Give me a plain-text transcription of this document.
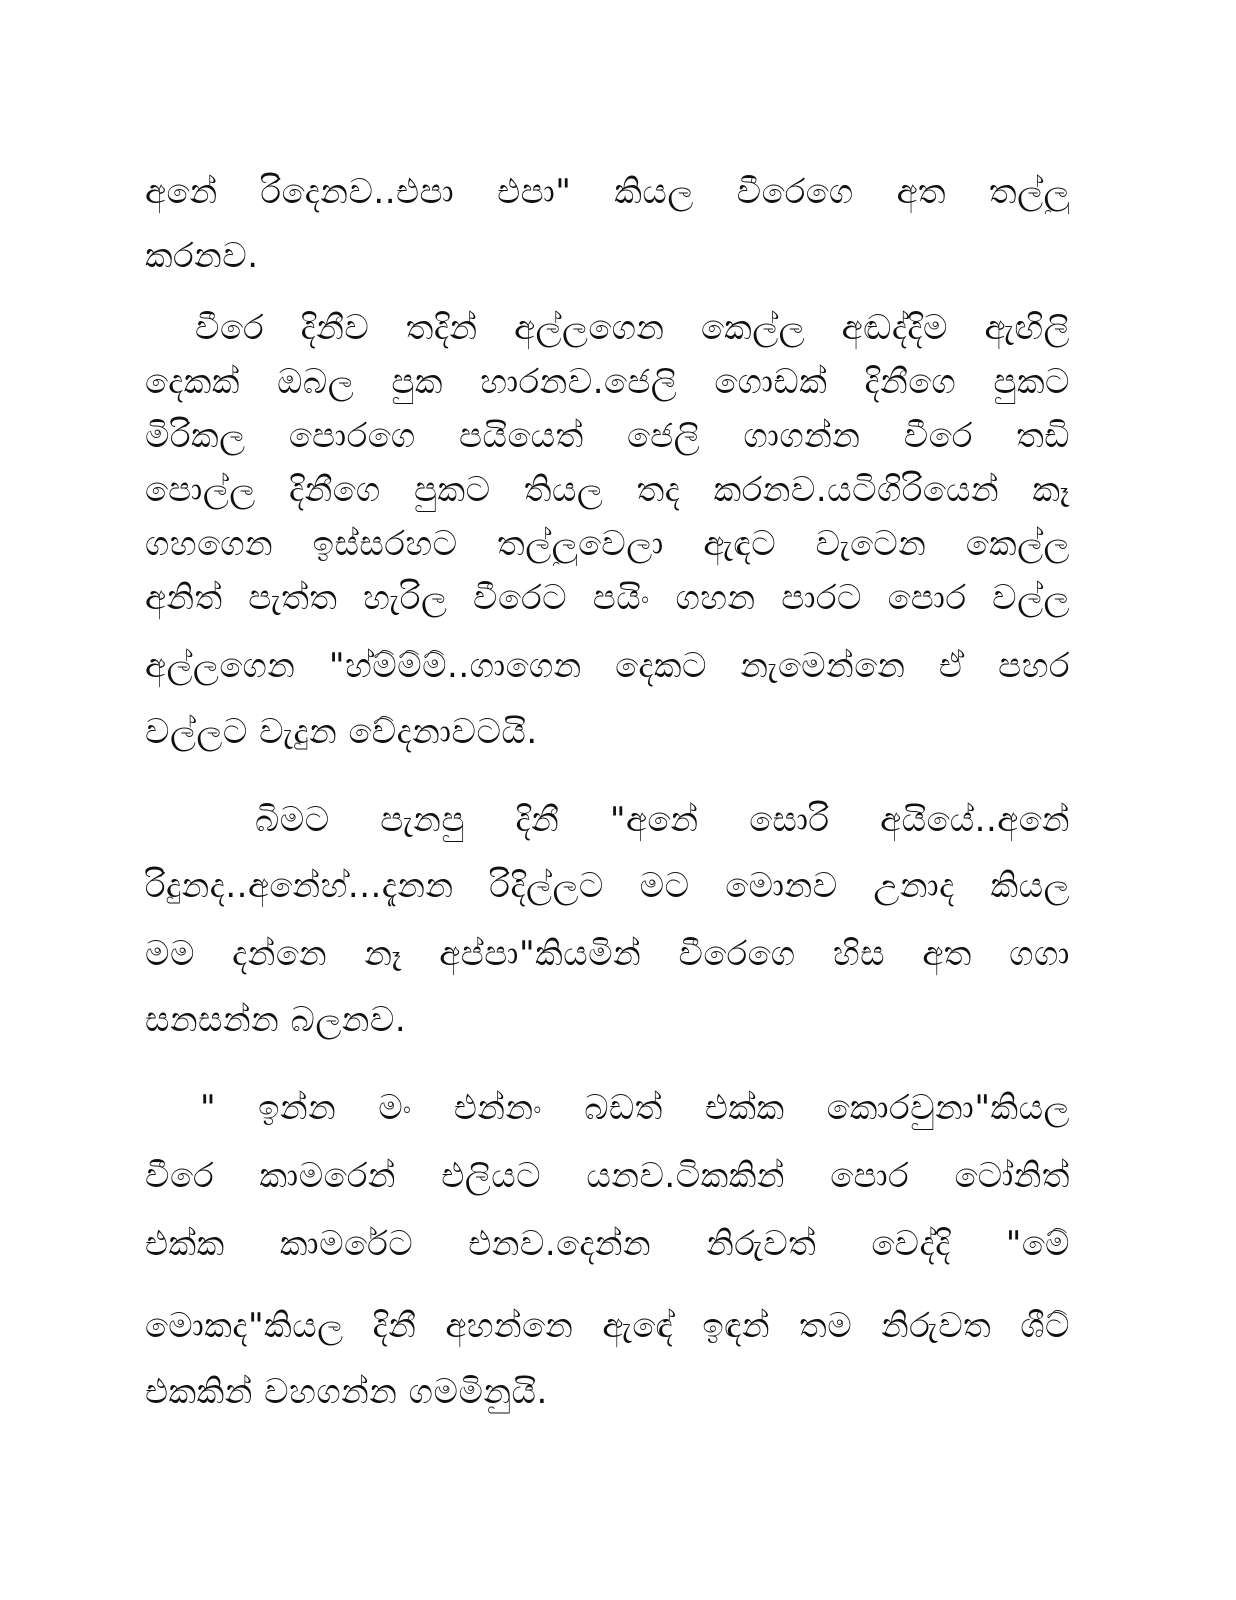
අනේ රිදෙනව..එපා එපා" කියල වීරෙගෙ අත තල්ලු
කරනව.
වීරෙ දිනීව තදින් අල්ලගෙන කෙල්ල අඬද්දිම ඇඟිලි
දෙකක් ඔබල පුක හාරනව.ජෙලි ගොඩක් දිනීගෙ පුකට
මිරිකල පොරගෙ පයියෙත් ජෙලි ගාගන්න වීරෙ තඩි
පොල්ල දිනීගෙ පුකට තියල තද කරනව.යටිගිරියෙන් කෑ
ගහගෙන ඉස්සරහට තල්ලුවෙලා ඇඳට වැටෙන කෙල්ල
අනිත් පැත්ත හැරිල වීරෙට පයිං ගහන පාරට පොර වල්ල
අල්ලගෙන "හ්ම්ම්ම්..ගාගෙන දෙකට නැමෙන්නෙ ඒ පහර
වල්ලට වැදුන වේදනාවටයි.
බිමට පැනපු දිනී "අනේ සොරි අයියේ..අනේ
රිදුනද..අනේහ්...දැනන රිදිල්ලට මට මොනව උනාද කියල
මම දන්නෙ නෑ අප්පා"කියමින් වීරෙගෙ හිස අත ගගා
සනසන්න බලනව.
" ඉන්න මං එන්නං බඩත් එක්ක කොරවුනා"කියල
වීරෙ කාමරෙන් එලියට යනව.ටිකකින් පොර ටෝනිත්
එක්ක කාමරේට එනව.දෙන්න නිරුවත් වෙද්දි "මේ
මොකද"කියල දිනී අහන්නෙ ඇඳේ ඉඳන් තම නිරුවත ශීට්
එකකින් වහගන්න ගමමිනුයි.
